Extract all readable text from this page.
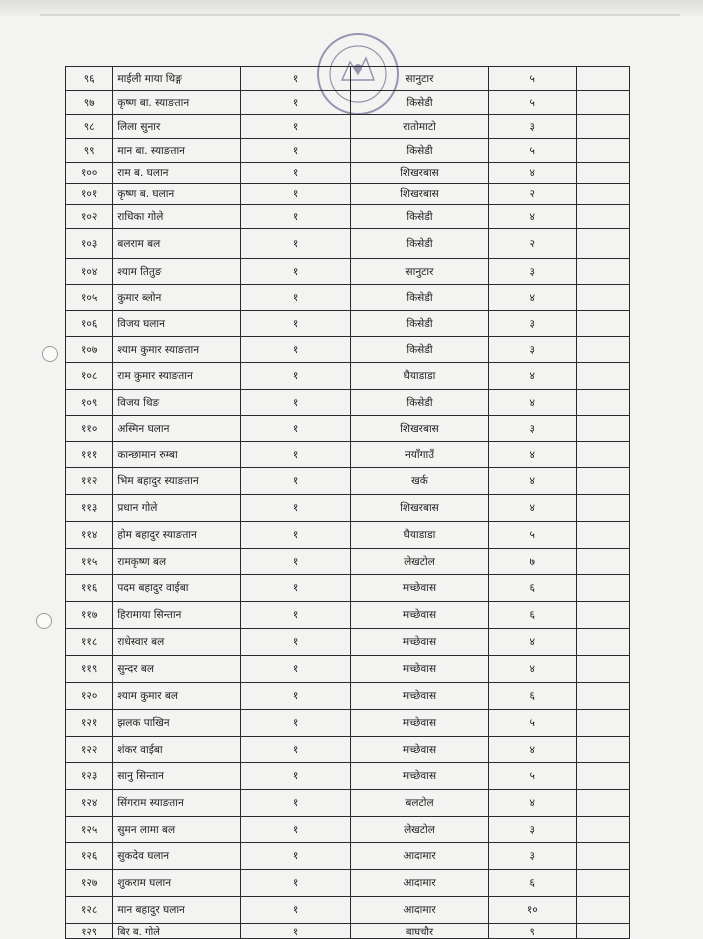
९६	माईली माया थिङ्ग	१	सानुटार	५	
९७	कृष्ण बा. स्याङतान	१	किसेडी	५	
९८	लिला सुनार	१	रातोमाटो	३	
९९	मान बा. स्याङतान	१	किसेडी	५	
१००	राम ब. घलान	१	शिखरबास	४	
१०१	कृष्ण ब. घलान	१	शिखरबास	२	
१०२	राधिका गोले	१	किसेडी	४	
१०३	बलराम बल	१	किसेडी	२	
१०४	श्याम तितुङ	१	सानुटार	३	
१०५	कुमार ब्लोन	१	किसेडी	४	
१०६	विजय घलान	१	किसेडी	३	
१०७	श्याम कुमार स्याङतान	१	किसेडी	३	
१०८	राम कुमार स्याङतान	१	घैयाडाडा	४	
१०९	विजय थिङ	१	किसेडी	४	
११०	अस्मिन घलान	१	शिखरबास	३	
१११	कान्छामान रुम्बा	१	नयाँगाउँ	४	
११२	भिम बहादुर स्याङतान	१	खर्क	४	
११३	प्रधान गोले	१	शिखरबास	४	
११४	होम बहादुर स्याङतान	१	घैयाडाडा	५	
११५	रामकृष्ण बल	१	लेखटोल	७	
११६	पदम बहादुर वाईबा	१	मच्छेवास	६	
११७	हिरामाया सिन्तान	१	मच्छेवास	६	
११८	राधेस्वार बल	१	मच्छेवास	४	
११९	सुन्दर बल	१	मच्छेवास	४	
१२०	श्याम कुमार बल	१	मच्छेवास	६	
१२१	झलक पाखिन	१	मच्छेवास	५	
१२२	शंकर वाईबा	१	मच्छेवास	४	
१२३	सानु सिन्तान	१	मच्छेवास	५	
१२४	सिंगराम स्याङतान	१	बलटोल	४	
१२५	सुमन लामा बल	१	लेखटोल	३	
१२६	सुकदेव घलान	१	आदामार	३	
१२७	शुकराम घलान	१	आदामार	६	
१२८	मान बहादुर घलान	१	आदामार	१०	
१२९	बिर ब. गोले	१	बाघचौर	९	
